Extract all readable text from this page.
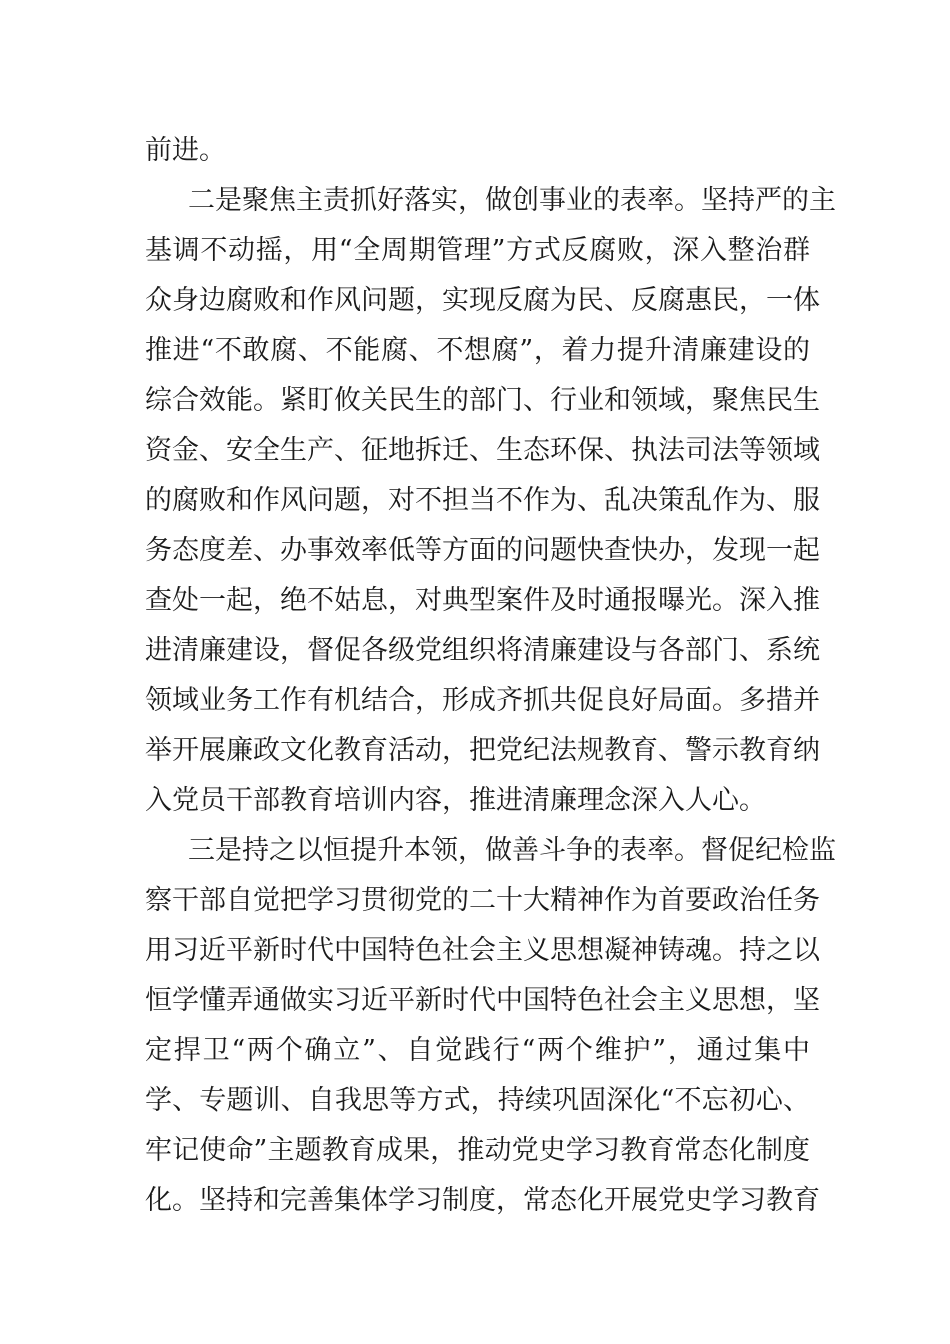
前进。

二是聚焦主责抓好落实，做创事业的表率。坚持严的主

基调不动摇，用“全周期管理”方式反腐败，深入整治群

众身边腐败和作风问题，实现反腐为民、反腐惠民，一体

推进“不敢腐、不能腐、不想腐”，着力提升清廉建设的

综合效能。紧盯攸关民生的部门、行业和领域，聚焦民生

资金、安全生产、征地拆迁、生态环保、执法司法等领域

的腐败和作风问题，对不担当不作为、乱决策乱作为、服

务态度差、办事效率低等方面的问题快查快办，发现一起

查处一起，绝不姑息，对典型案件及时通报曝光。深入推

进清廉建设，督促各级党组织将清廉建设与各部门、系统

领域业务工作有机结合，形成齐抓共促良好局面。多措并

举开展廉政文化教育活动，把党纪法规教育、警示教育纳

入党员干部教育培训内容，推进清廉理念深入人心。

三是持之以恒提升本领，做善斗争的表率。督促纪检监

察干部自觉把学习贯彻党的二十大精神作为首要政治任务

用习近平新时代中国特色社会主义思想凝神铸魂。持之以

恒学懂弄通做实习近平新时代中国特色社会主义思想，坚

定捍卫“两个确立”、自觉践行“两个维护”，通过集中

学、专题训、自我思等方式，持续巩固深化“不忘初心、

牢记使命”主题教育成果，推动党史学习教育常态化制度

化。坚持和完善集体学习制度，常态化开展党史学习教育
